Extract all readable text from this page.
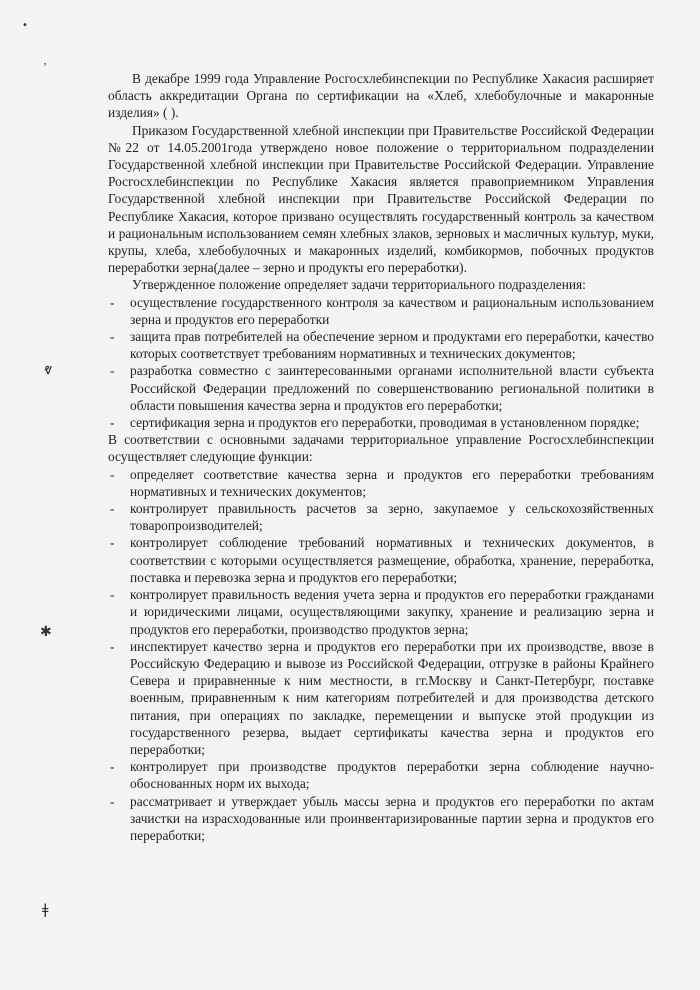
•
᾿
ⱴ
✱
ǂ

В декабре 1999 года Управление Росгосхлебинспекции по Республике Хакасия расширяет область аккредитации Органа по сертификации на «Хлеб, хлебобулочные и макаронные изделия» ( ).

Приказом Государственной хлебной инспекции при Правительстве Российской Федерации №22 от 14.05.2001года утверждено новое положение о территориальном подразделении Государственной хлебной инспекции при Правительстве Российской Федерации. Управление Росгосхлебинспекции по Республике Хакасия является правоприемником Управления Государственной хлебной инспекции при Правительстве Российской Федерации по Республике Хакасия, которое призвано осуществлять государственный контроль за качеством и рациональным использованием семян хлебных злаков, зерновых и масличных культур, муки, крупы, хлеба, хлебобулочных и макаронных изделий, комбикормов, побочных продуктов переработки зерна(далее – зерно и продукты его переработки).

Утвержденное положение определяет задачи территориального подразделения:

- осуществление государственного контроля за качеством и рациональным использованием зерна и продуктов его переработки
- защита прав потребителей на обеспечение зерном и продуктами его переработки, качество которых соответствует требованиям нормативных и технических документов;
- разработка совместно с заинтересованными органами исполнительной власти субъекта Российской Федерации предложений по совершенствованию региональной политики в области повышения качества зерна и продуктов его переработки;
- сертификация зерна и продуктов его переработки, проводимая в установленном порядке;

В соответствии с основными задачами территориальное управление Росгосхлебинспекции осуществляет следующие функции:

- определяет соответствие качества зерна и продуктов его переработки требованиям нормативных и технических документов;
- контролирует правильность расчетов за зерно, закупаемое у сельскохозяйственных товаропроизводителей;
- контролирует соблюдение требований нормативных и технических документов, в соответствии с которыми осуществляется размещение, обработка, хранение, переработка, поставка и перевозка зерна и продуктов его переработки;
- контролирует правильность ведения учета зерна и продуктов его переработки гражданами и юридическими лицами, осуществляющими закупку, хранение и реализацию зерна и продуктов его переработки, производство продуктов зерна;
- инспектирует качество зерна и продуктов его переработки при их производстве, ввозе в Российскую Федерацию и вывозе из Российской Федерации, отгрузке в районы Крайнего Севера и приравненные к ним местности, в гг.Москву и Санкт-Петербург, поставке военным, приравненным к ним категориям потребителей и для производства детского питания, при операциях по закладке, перемещении и выпуске этой продукции из государственного резерва, выдает сертификаты качества зерна и продуктов его переработки;
- контролирует при производстве продуктов переработки зерна соблюдение научно-обоснованных норм их выхода;
- рассматривает и утверждает убыль массы зерна и продуктов его переработки по актам зачистки на израсходованные или проинвентаризированные партии зерна и продуктов его переработки;
